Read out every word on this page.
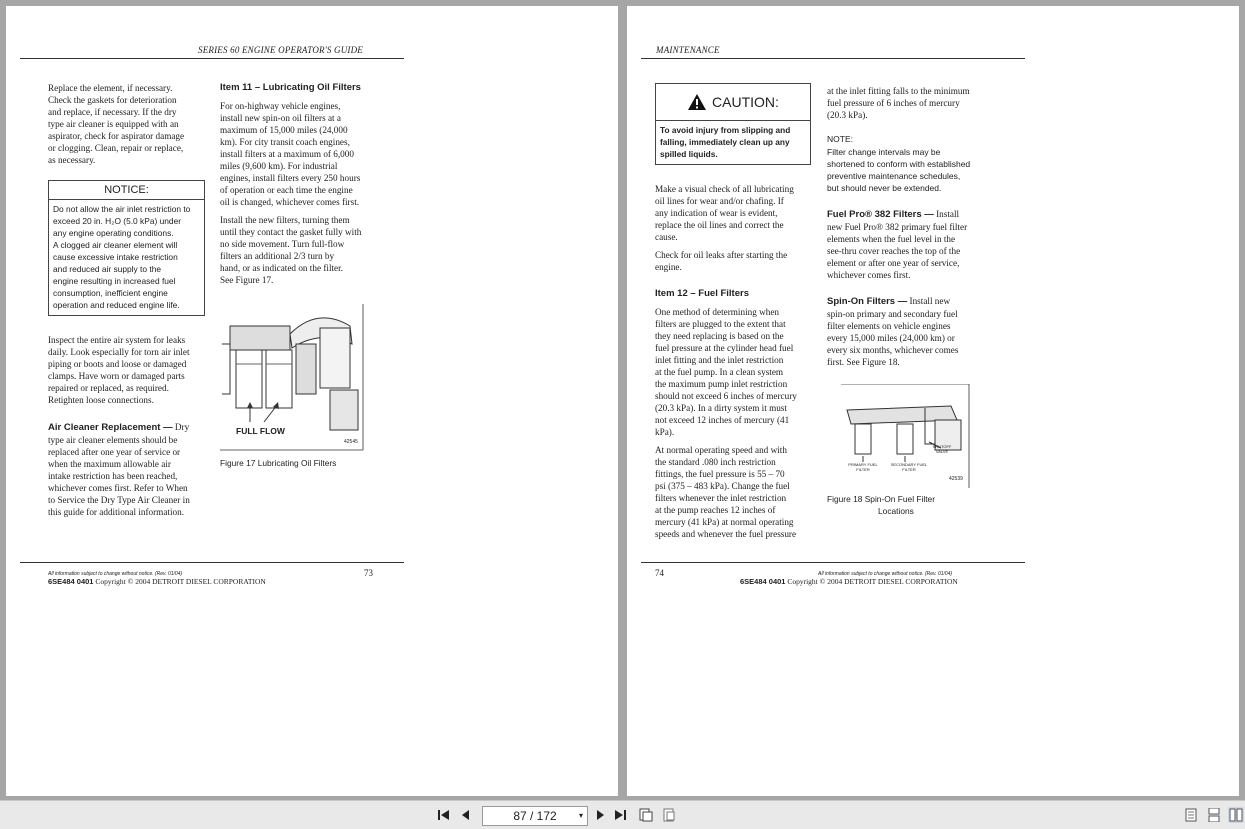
SERIES 60 ENGINE OPERATOR'S GUIDE
Replace the element, if necessary.
Check the gaskets for deterioration
and replace, if necessary. If the dry
type air cleaner is equipped with an
aspirator, check for aspirator damage
or clogging. Clean, repair or replace,
as necessary.
NOTICE:
Do not allow the air inlet restriction to
exceed 20 in. H₂O (5.0 kPa) under
any engine operating conditions.
A clogged air cleaner element will
cause excessive intake restriction
and reduced air supply to the
engine resulting in increased fuel
consumption, inefficient engine
operation and reduced engine life.
Inspect the entire air system for leaks
daily. Look especially for torn air inlet
piping or boots and loose or damaged
clamps. Have worn or damaged parts
repaired or replaced, as required.
Retighten loose connections.
Air Cleaner Replacement — Dry
type air cleaner elements should be
replaced after one year of service or
when the maximum allowable air
intake restriction has been reached,
whichever comes first. Refer to When
to Service the Dry Type Air Cleaner in
this guide for additional information.
Item 11 – Lubricating Oil Filters
For on-highway vehicle engines,
install new spin-on oil filters at a
maximum of 15,000 miles (24,000
km). For city transit coach engines,
install filters at a maximum of 6,000
miles (9,600 km). For industrial
engines, install filters every 250 hours
of operation or each time the engine
oil is changed, whichever comes first.
Install the new filters, turning them
until they contact the gasket fully with
no side movement. Turn full-flow
filters an additional 2/3 turn by
hand, or as indicated on the filter.
See Figure 17.
FULL FLOW
42545
Figure 17 Lubricating Oil Filters
All information subject to change without notice. (Rev. 01/04)
6SE484 0401 Copyright © 2004 DETROIT DIESEL CORPORATION
73
MAINTENANCE
CAUTION:
To avoid injury from slipping and
falling, immediately clean up any
spilled liquids.
Make a visual check of all lubricating
oil lines for wear and/or chafing. If
any indication of wear is evident,
replace the oil lines and correct the
cause.
Check for oil leaks after starting the
engine.
Item 12 – Fuel Filters
One method of determining when
filters are plugged to the extent that
they need replacing is based on the
fuel pressure at the cylinder head fuel
inlet fitting and the inlet restriction
at the fuel pump. In a clean system
the maximum pump inlet restriction
should not exceed 6 inches of mercury
(20.3 kPa). In a dirty system it must
not exceed 12 inches of mercury (41
kPa).
At normal operating speed and with
the standard .080 inch restriction
fittings, the fuel pressure is 55 – 70
psi (375 – 483 kPa). Change the fuel
filters whenever the inlet restriction
at the pump reaches 12 inches of
mercury (41 kPa) at normal operating
speeds and whenever the fuel pressure
at the inlet fitting falls to the minimum
fuel pressure of 6 inches of mercury
(20.3 kPa).
NOTE:
Filter change intervals may be
shortened to conform with established
preventive maintenance schedules,
but should never be extended.
Fuel Pro® 382 Filters — Install
new Fuel Pro® 382 primary fuel filter
elements when the fuel level in the
see-thru cover reaches the top of the
element or after one year of service,
whichever comes first.
Spin-On Filters — Install new
spin-on primary and secondary fuel
filter elements on vehicle engines
every 15,000 miles (24,000 km) or
every six months, whichever comes
first. See Figure 18.
PRIMARY FUEL FILTER
SECONDARY FUEL FILTER
SHUTOFF VALVE
42539
Figure 18 Spin-On Fuel Filter
Locations
74	All information subject to change without notice. (Rev. 01/04)
6SE484 0401 Copyright © 2004 DETROIT DIESEL CORPORATION
87 / 172	▾
